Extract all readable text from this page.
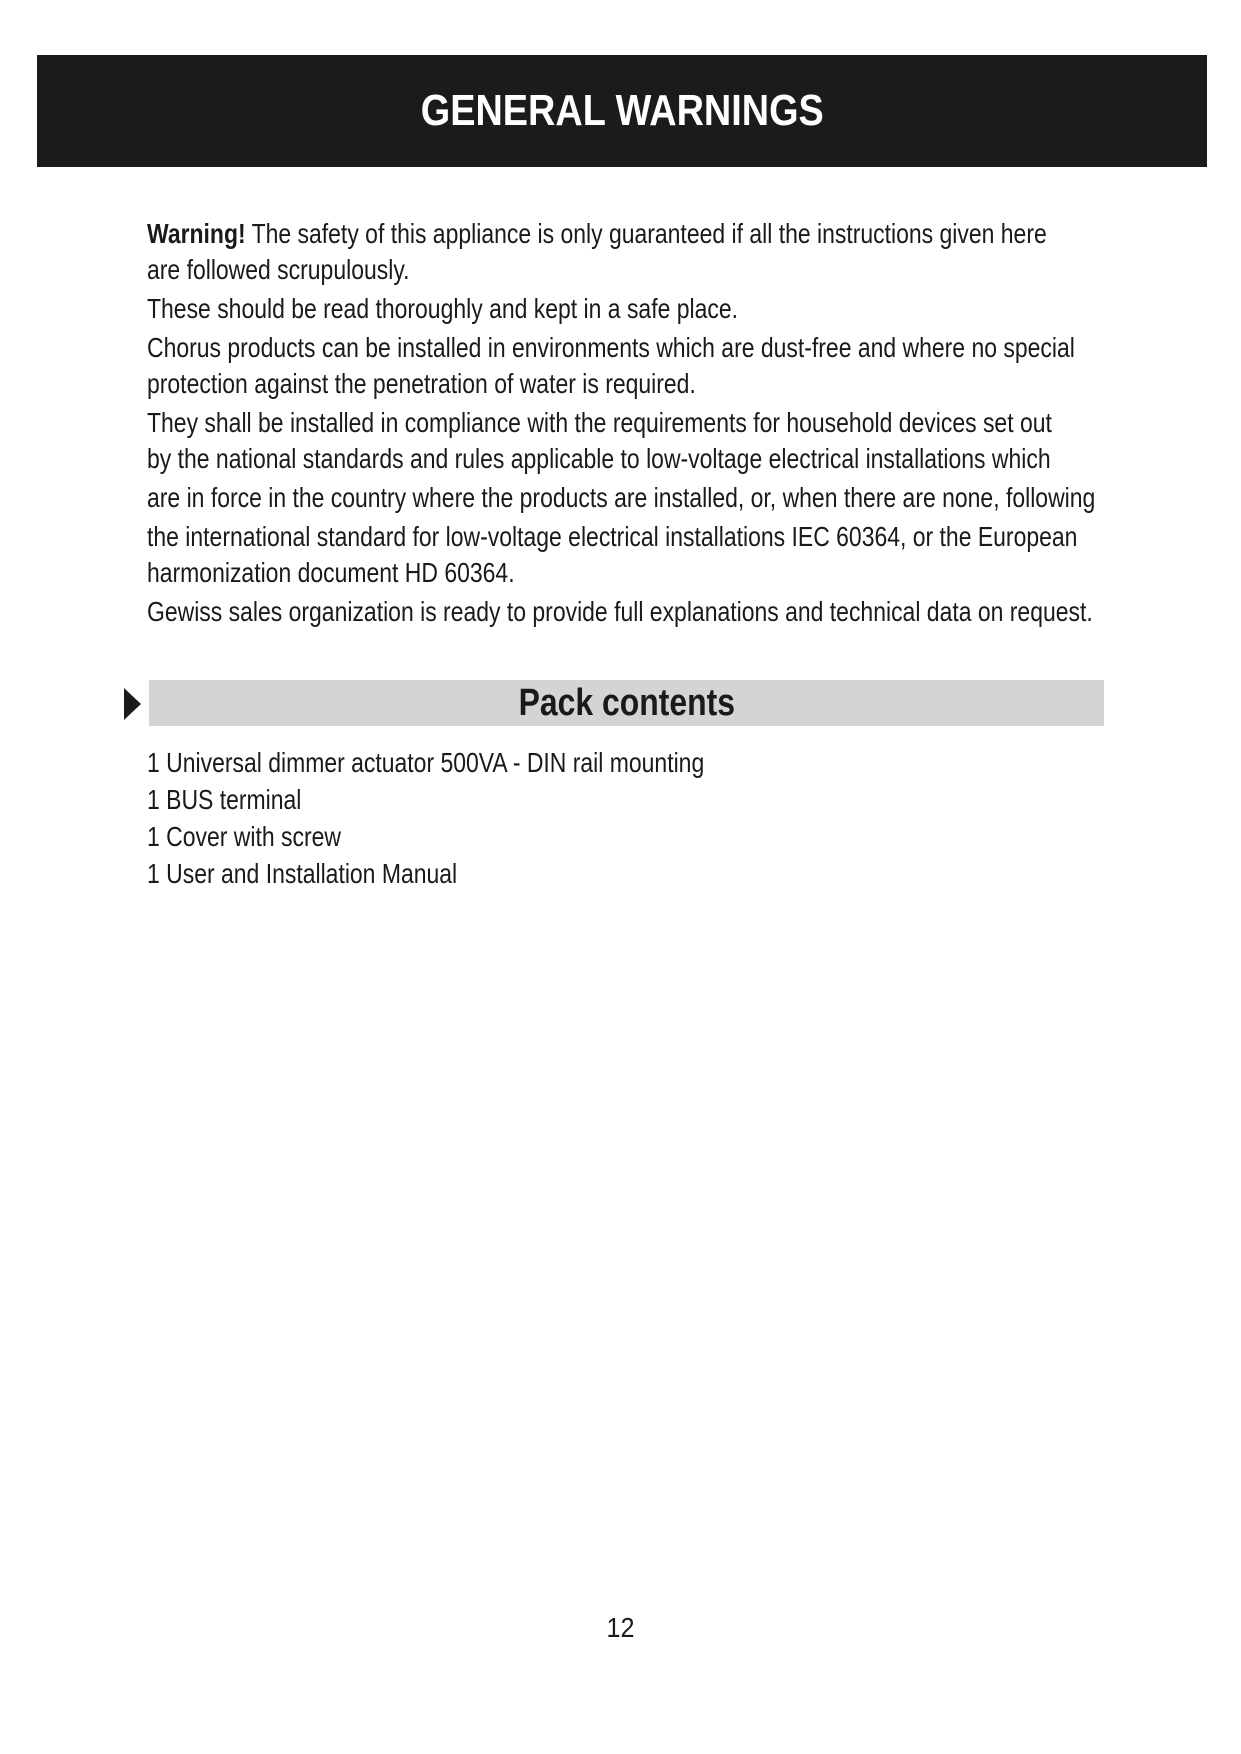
GENERAL WARNINGS

Warning! The safety of this appliance is only guaranteed if all the instructions given here

are followed scrupulously.

These should be read thoroughly and kept in a safe place.

Chorus products can be installed in environments which are dust-free and where no special

protection against the penetration of water is required.

They shall be installed in compliance with the requirements for household devices set out

by the national standards and rules applicable to low-voltage electrical installations which

are in force in the country where the products are installed, or, when there are none, following

the international standard for low-voltage electrical installations IEC 60364, or the European

harmonization document HD 60364.

Gewiss sales organization is ready to provide full explanations and technical data on request.

Pack contents
1 Universal dimmer actuator 500VA - DIN rail mounting
1 BUS terminal
1 Cover with screw
1 User and Installation Manual
12
